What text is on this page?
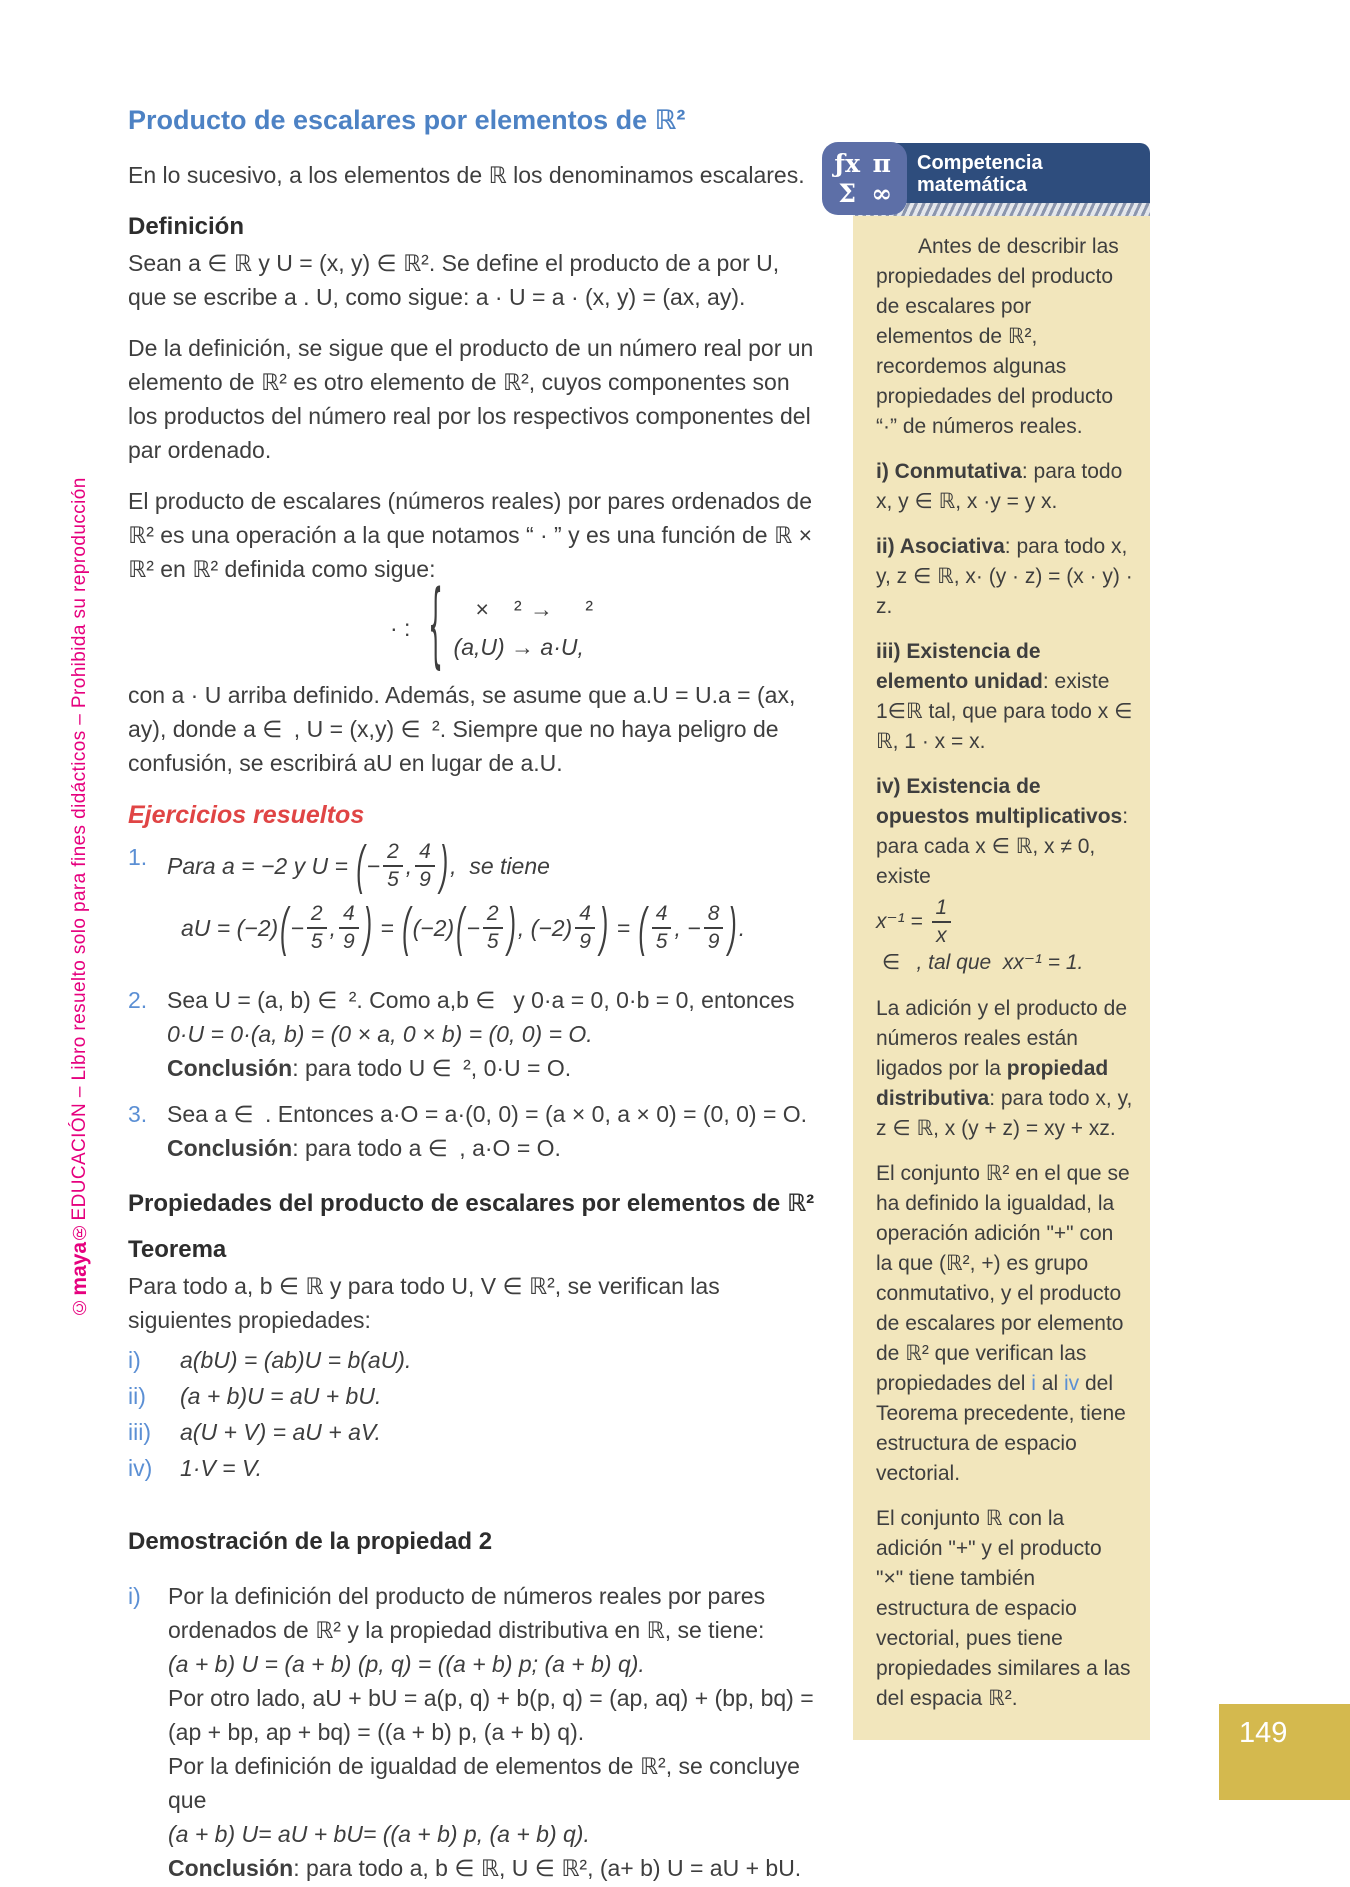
©maya®EDUCACIÓN – Libro resuelto solo para fines didácticos – Prohibida su reproducción
Producto de escalares por elementos de ℝ²

En lo sucesivo, a los elementos de ℝ los denominamos escalares.

Definición

Sean a ∈ ℝ y U = (x, y) ∈ ℝ². Se define el producto de a por U, que se escribe a . U, como sigue: a · U = a · (x, y) = (ax, ay).

De la definición, se sigue que el producto de un número real por un elemento de ℝ² es otro elemento de ℝ², cuyos componentes son los productos del número real por los respectivos componentes del par ordenado.

El producto de escalares (números reales) por pares ordenados de ℝ² es una operación a la que notamos “ · ” y es una función de ℝ × ℝ² en ℝ² definida como sigue:

· : {	× ² →  ²
(a,U) → a·U,

con a · U arriba definido. Además, se asume que a.U = U.a = (ax, ay), donde a ∈ , U = (x,y) ∈ ². Siempre que no haya peligro de confusión, se escribirá aU en lugar de a.U.

Ejercicios resueltos
1. Para a = −2 y U = ( − $\frac{2}{5}$ , $\frac{4}{9}$ ) ,  se tiene
aU = (−2) ( − $\frac{2}{5}$ , $\frac{4}{9}$ ) = ( (−2) ( − $\frac{2}{5}$ ) , $(-2) \frac{4}{9}$ ) = ( $\frac{4}{5}$ , − $\frac{8}{9}$ ) .
2. Sea U = (a, b) ∈ ². Como a,b ∈  y 0·a = 0, 0·b = 0, entonces
0·U = 0·(a, b) = (0 × a, 0 × b) = (0, 0) = O.
Conclusión: para todo U ∈ ², 0·U = O.
3. Sea a ∈ . Entonces a·O = a·(0, 0) = (a × 0, a × 0) = (0, 0) = O.
Conclusión: para todo a ∈ , a·O = O.
Propiedades del producto de escalares por elementos de ℝ²
Teorema

Para todo a, b ∈ ℝ y para todo U, V ∈ ℝ², se verifican las siguientes propiedades:

i)	a(bU) = (ab)U = b(aU).
ii)	(a + b)U = aU + bU.
iii)	a(U + V) = aU + aV.
iv)	1·V = V.
Demostración de la propiedad 2
i)	Por la definición del producto de números reales por pares ordenados de ℝ² y la propiedad distributiva en ℝ, se tiene:
(a + b) U = (a + b) (p, q) = ((a + b) p; (a + b) q).
Por otro lado, aU + bU = a(p, q) + b(p, q) = (ap, aq) + (bp, bq) = (ap + bp, ap + bq) = ((a + b) p, (a + b) q).
Por la definición de igualdad de elementos de ℝ², se concluye que
(a + b) U= aU + bU= ((a + b) p, (a + b) q).
Conclusión: para todo a, b ∈ ℝ, U ∈ ℝ², (a+ b) U = aU + bU.
ƒx π
Σ ∞
Competencia
matemática

Antes de describir las propiedades del producto de escalares por elementos de ℝ², recordemos algunas propiedades del producto “·” de números reales.

i) Conmutativa: para todo x, y ∈ ℝ, x ·y = y x.

ii) Asociativa: para todo x, y, z ∈ ℝ, x· (y · z) = (x · y) · z.

iii) Existencia de elemento unidad: existe 1∈ℝ tal, que para todo x ∈ ℝ, 1 · x = x.

iv) Existencia de opuestos multiplicativos: para cada x ∈ ℝ, x ≠ 0, existe

$x^{-1} = \frac{1}{x}$
∈  , tal que  xx⁻¹ = 1.

La adición y el producto de números reales están ligados por la propiedad distributiva: para todo x, y, z ∈ ℝ, x (y + z) = xy + xz.

El conjunto ℝ² en el que se ha definido la igualdad, la operación adición "+" con la que (ℝ², +) es grupo conmutativo, y el producto de escalares por elemento de ℝ² que verifican las propiedades del i al iv del Teorema precedente, tiene estructura de espacio vectorial.

El conjunto ℝ con la adición "+" y el producto "×" tiene también estructura de espacio vectorial, pues tiene propiedades similares a las del espacia ℝ².

149
